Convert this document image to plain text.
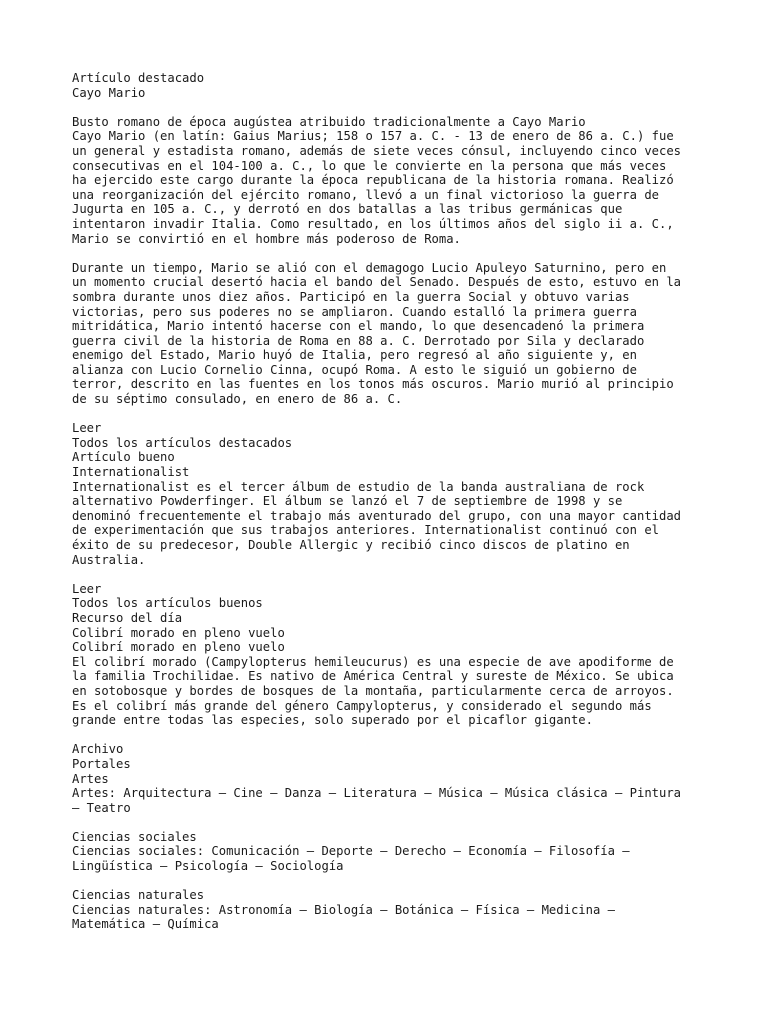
Artículo destacado
Cayo Mario
Busto romano de época augústea atribuido tradicionalmente a Cayo Mario
Cayo Mario (en latín: Gaius Marius; 158 o 157 a. C. - 13 de enero de 86 a. C.) fue
un general y estadista romano, además de siete veces cónsul, incluyendo cinco veces
consecutivas en el 104-100 a. C., lo que le convierte en la persona que más veces
ha ejercido este cargo durante la época republicana de la historia romana. Realizó
una reorganización del ejército romano, llevó a un final victorioso la guerra de
Jugurta en 105 a. C., y derrotó en dos batallas a las tribus germánicas que
intentaron invadir Italia. Como resultado, en los últimos años del siglo ii a. C.,
Mario se convirtió en el hombre más poderoso de Roma.
Durante un tiempo, Mario se alió con el demagogo Lucio Apuleyo Saturnino, pero en
un momento crucial desertó hacia el bando del Senado. Después de esto, estuvo en la
sombra durante unos diez años. Participó en la guerra Social y obtuvo varias
victorias, pero sus poderes no se ampliaron. Cuando estalló la primera guerra
mitridática, Mario intentó hacerse con el mando, lo que desencadenó la primera
guerra civil de la historia de Roma en 88 a. C. Derrotado por Sila y declarado
enemigo del Estado, Mario huyó de Italia, pero regresó al año siguiente y, en
alianza con Lucio Cornelio Cinna, ocupó Roma. A esto le siguió un gobierno de
terror, descrito en las fuentes en los tonos más oscuros. Mario murió al principio
de su séptimo consulado, en enero de 86 a. C.
Leer
Todos los artículos destacados
Artículo bueno
Internationalist
Internationalist es el tercer álbum de estudio de la banda australiana de rock
alternativo Powderfinger. El álbum se lanzó el 7 de septiembre de 1998 y se
denominó frecuentemente el trabajo más aventurado del grupo, con una mayor cantidad
de experimentación que sus trabajos anteriores. Internationalist continuó con el
éxito de su predecesor, Double Allergic y recibió cinco discos de platino en
Australia.
Leer
Todos los artículos buenos
Recurso del día
Colibrí morado en pleno vuelo
Colibrí morado en pleno vuelo
El colibrí morado (Campylopterus hemileucurus) es una especie de ave apodiforme de
la familia Trochilidae. Es nativo de América Central y sureste de México. Se ubica
en sotobosque y bordes de bosques de la montaña, particularmente cerca de arroyos.
Es el colibrí más grande del género Campylopterus, y considerado el segundo más
grande entre todas las especies, solo superado por el picaflor gigante.
Archivo
Portales
Artes
Artes: Arquitectura – Cine – Danza – Literatura – Música – Música clásica – Pintura
– Teatro
Ciencias sociales
Ciencias sociales: Comunicación – Deporte – Derecho – Economía – Filosofía –
Lingüística – Psicología – Sociología
Ciencias naturales
Ciencias naturales: Astronomía – Biología – Botánica – Física – Medicina –
Matemática – Química
